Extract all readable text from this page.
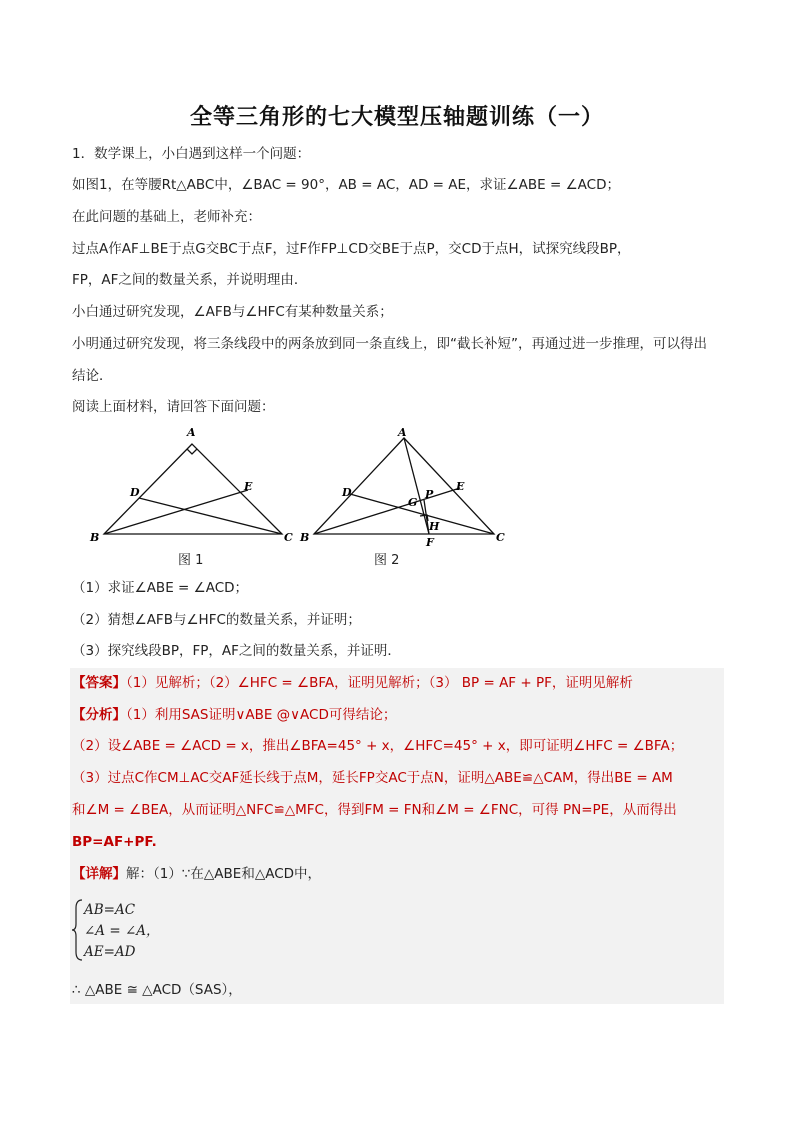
全等三角形的七大模型压轴题训练（一）
1．数学课上，小白遇到这样一个问题：
如图1，在等腰Rt△ABC中，∠BAC = 90°，AB = AC，AD = AE，求证∠ABE = ∠ACD；
在此问题的基础上，老师补充：
过点A作AF⊥BE于点G交BC于点F，过F作FP⊥CD交BE于点P，交CD于点H，试探究线段BP，
FP，AF之间的数量关系，并说明理由．
小白通过研究发现，∠AFB与∠HFC有某种数量关系；
小明通过研究发现，将三条线段中的两条放到同一条直线上，即“截长补短”，再通过进一步推理，可以得出
结论．
阅读上面材料，请回答下面问题：
A
B	C
D	E
图 1
A
B	C
D	E
G
P
H
F
图 2
（1）求证∠ABE = ∠ACD；
（2）猜想∠AFB与∠HFC的数量关系，并证明；
（3）探究线段BP，FP，AF之间的数量关系，并证明．
【答案】（1）见解析；（2）∠HFC = ∠BFA，证明见解析；（3） BP = AF + PF，证明见解析
【分析】（1）利用SAS证明∨ABE @∨ACD可得结论；
（2）设∠ABE = ∠ACD = x，推出∠BFA=45° + x，∠HFC=45° + x，即可证明∠HFC = ∠BFA；
（3）过点C作CM⊥AC交AF延长线于点M，延长FP交AC于点N，证明△ABE≌△CAM，得出BE = AM
和∠M = ∠BEA，从而证明△NFC≌△MFC，得到FM = FN和∠M = ∠FNC，可得 PN=PE，从而得出
BP=AF+PF.
【详解】解：（1）∵在△ABE和△ACD中，
AB=AC
∠A = ∠A，
AE=AD
∴ △ABE ≅ △ACD（SAS），
